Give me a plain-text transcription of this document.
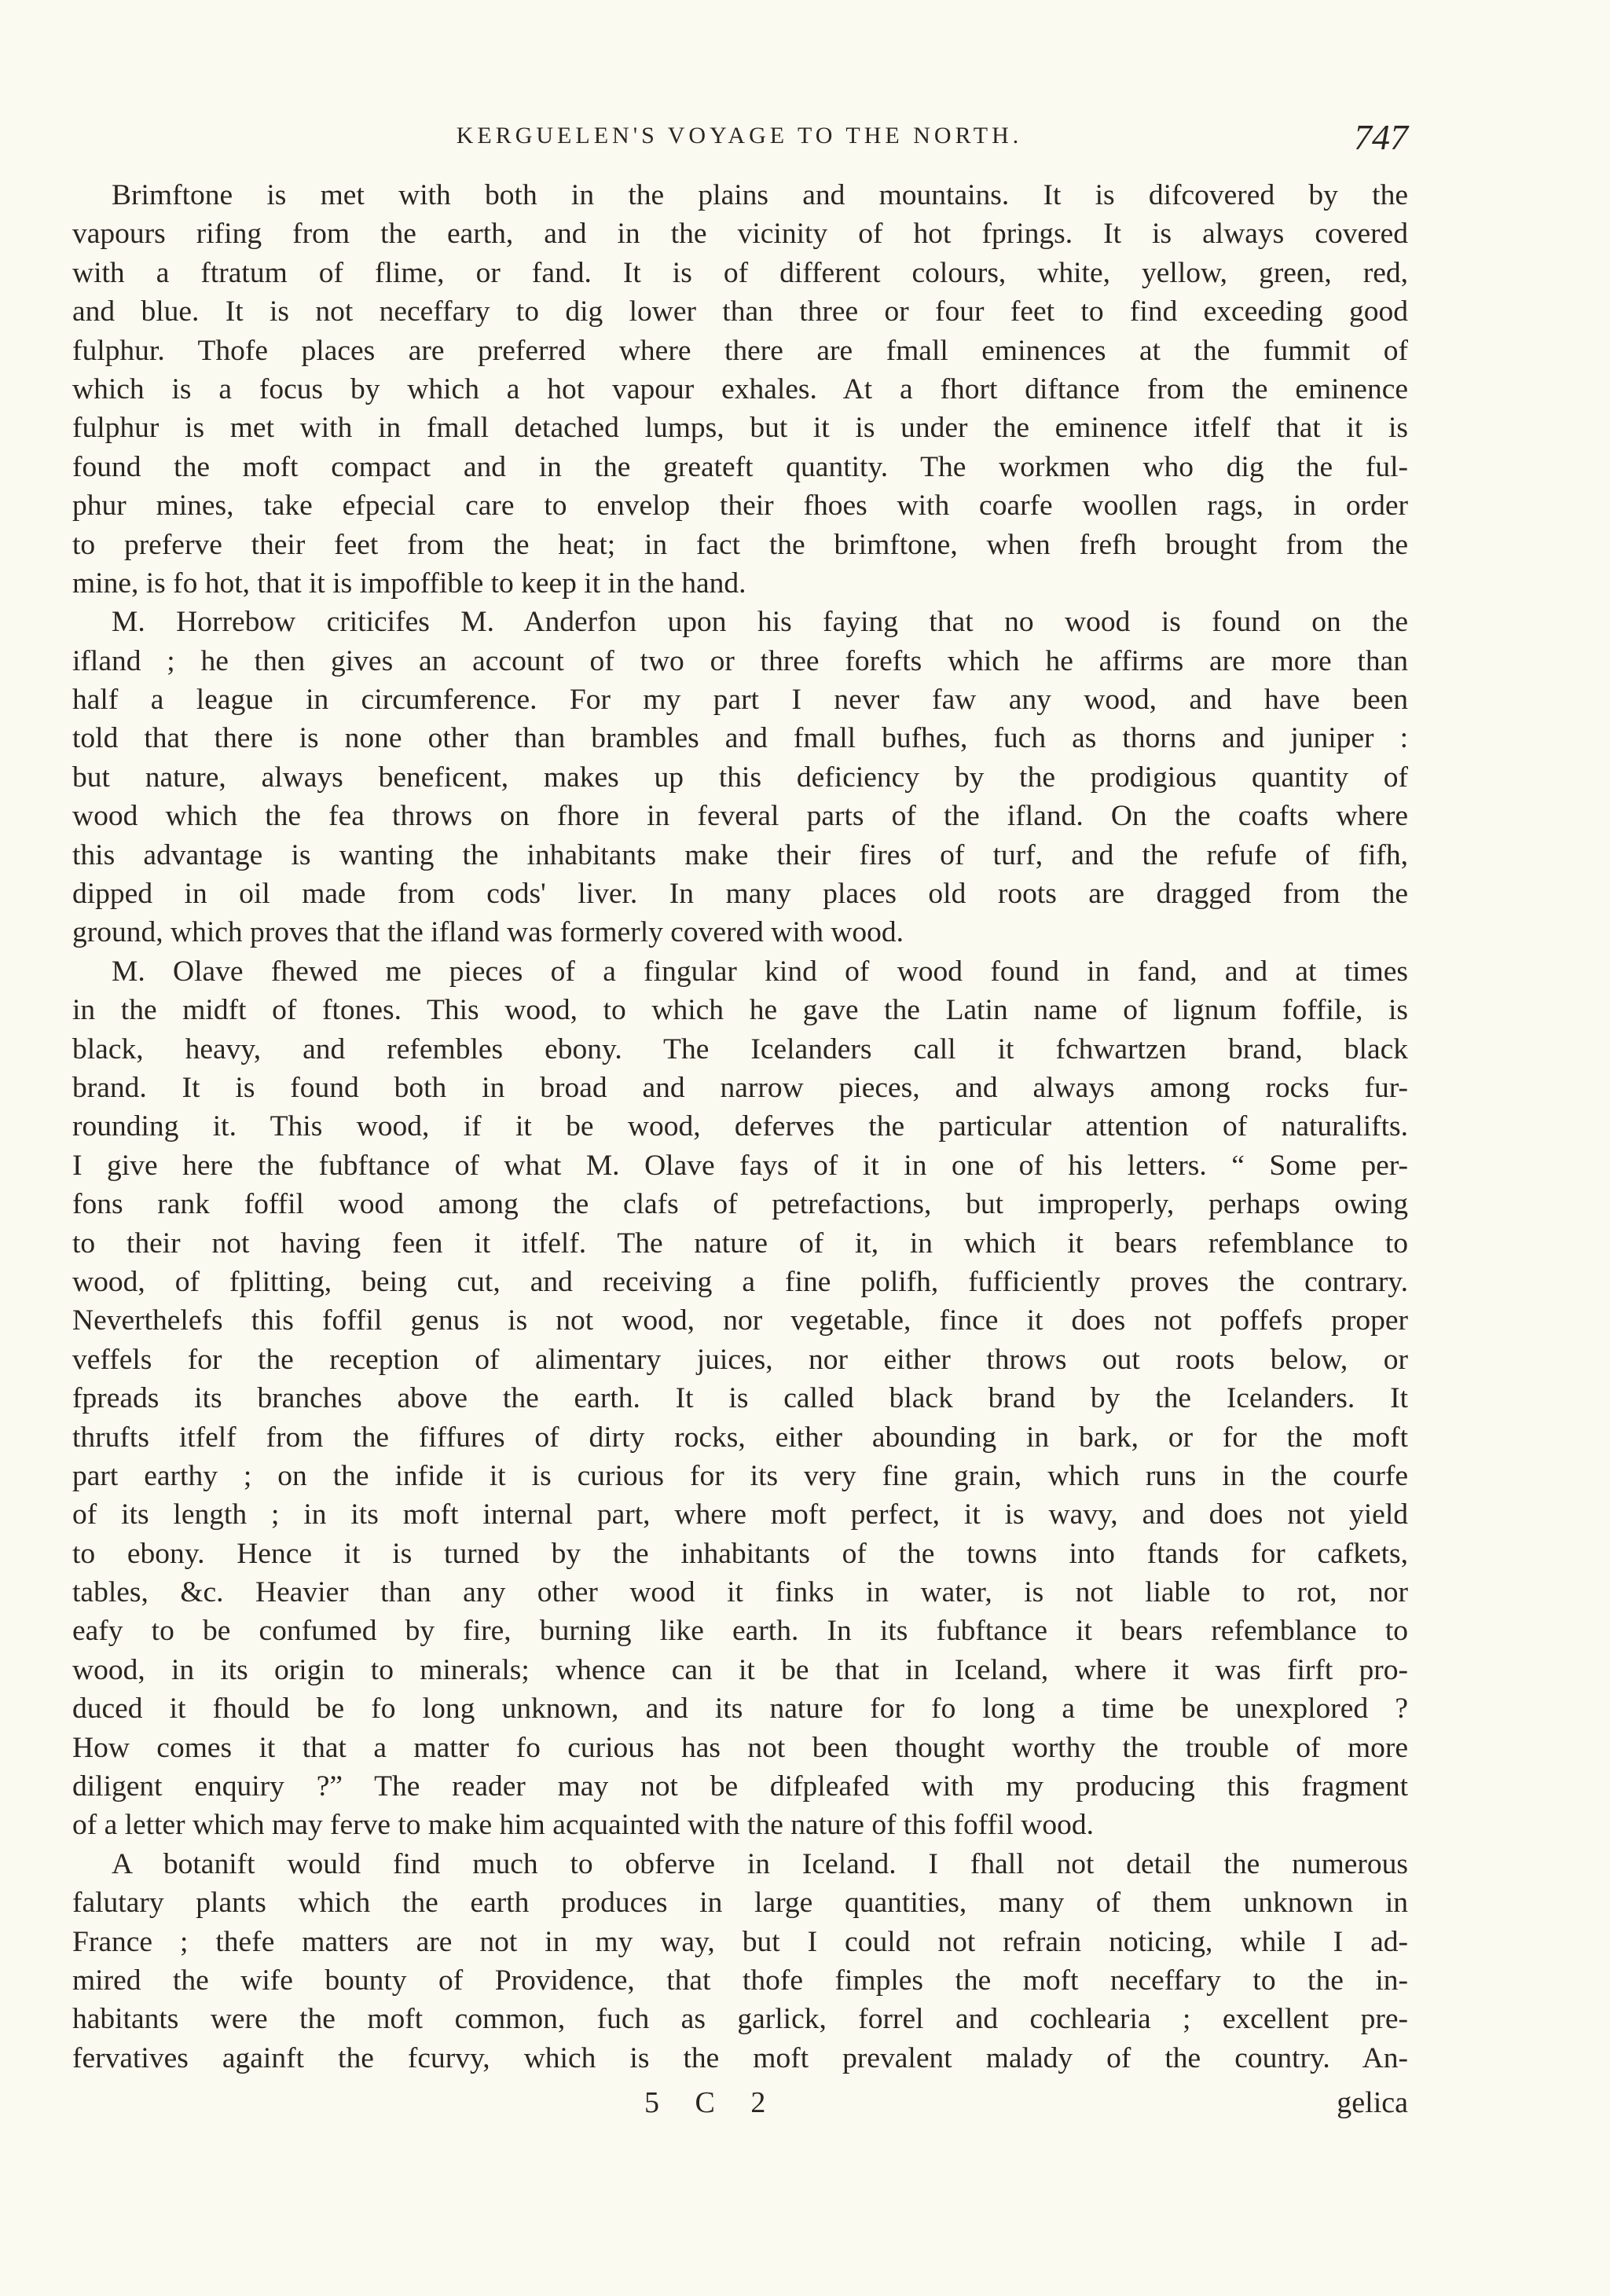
KERGUELEN'S VOYAGE TO THE NORTH.	747
Brimftone is met with both in the plains and mountains. It is difcovered by the
vapours rifing from the earth, and in the vicinity of hot fprings. It is always covered
with a ftratum of flime, or fand. It is of different colours, white, yellow, green, red,
and blue. It is not neceffary to dig lower than three or four feet to find exceeding good
fulphur. Thofe places are preferred where there are fmall eminences at the fummit of
which is a focus by which a hot vapour exhales. At a fhort diftance from the eminence
fulphur is met with in fmall detached lumps, but it is under the eminence itfelf that it is
found the moft compact and in the greateft quantity. The workmen who dig the ful-
phur mines, take efpecial care to envelop their fhoes with coarfe woollen rags, in order
to preferve their feet from the heat; in fact the brimftone, when frefh brought from the
mine, is fo hot, that it is impoffible to keep it in the hand.
M. Horrebow criticifes M. Anderfon upon his faying that no wood is found on the
ifland ; he then gives an account of two or three forefts which he affirms are more than
half a league in circumference. For my part I never faw any wood, and have been
told that there is none other than brambles and fmall bufhes, fuch as thorns and juniper :
but nature, always beneficent, makes up this deficiency by the prodigious quantity of
wood which the fea throws on fhore in feveral parts of the ifland. On the coafts where
this advantage is wanting the inhabitants make their fires of turf, and the refufe of fifh,
dipped in oil made from cods' liver. In many places old roots are dragged from the
ground, which proves that the ifland was formerly covered with wood.
M. Olave fhewed me pieces of a fingular kind of wood found in fand, and at times
in the midft of ftones. This wood, to which he gave the Latin name of lignum foffile, is
black, heavy, and refembles ebony. The Icelanders call it fchwartzen brand, black
brand. It is found both in broad and narrow pieces, and always among rocks fur-
rounding it. This wood, if it be wood, deferves the particular attention of naturalifts.
I give here the fubftance of what M. Olave fays of it in one of his letters. “ Some per-
fons rank foffil wood among the clafs of petrefactions, but improperly, perhaps owing
to their not having feen it itfelf. The nature of it, in which it bears refemblance to
wood, of fplitting, being cut, and receiving a fine polifh, fufficiently proves the contrary.
Neverthelefs this foffil genus is not wood, nor vegetable, fince it does not poffefs proper
veffels for the reception of alimentary juices, nor either throws out roots below, or
fpreads its branches above the earth. It is called black brand by the Icelanders. It
thrufts itfelf from the fiffures of dirty rocks, either abounding in bark, or for the moft
part earthy ; on the infide it is curious for its very fine grain, which runs in the courfe
of its length ; in its moft internal part, where moft perfect, it is wavy, and does not yield
to ebony. Hence it is turned by the inhabitants of the towns into ftands for cafkets,
tables, &c. Heavier than any other wood it finks in water, is not liable to rot, nor
eafy to be confumed by fire, burning like earth. In its fubftance it bears refemblance to
wood, in its origin to minerals; whence can it be that in Iceland, where it was firft pro-
duced it fhould be fo long unknown, and its nature for fo long a time be unexplored ?
How comes it that a matter fo curious has not been thought worthy the trouble of more
diligent enquiry ?” The reader may not be difpleafed with my producing this fragment
of a letter which may ferve to make him acquainted with the nature of this foffil wood.
A botanift would find much to obferve in Iceland. I fhall not detail the numerous
falutary plants which the earth produces in large quantities, many of them unknown in
France ; thefe matters are not in my way, but I could not refrain noticing, while I ad-
mired the wife bounty of Providence, that thofe fimples the moft neceffary to the in-
habitants were the moft common, fuch as garlick, forrel and cochlearia ; excellent pre-
fervatives againft the fcurvy, which is the moft prevalent malady of the country. An-
5 C 2	gelica
